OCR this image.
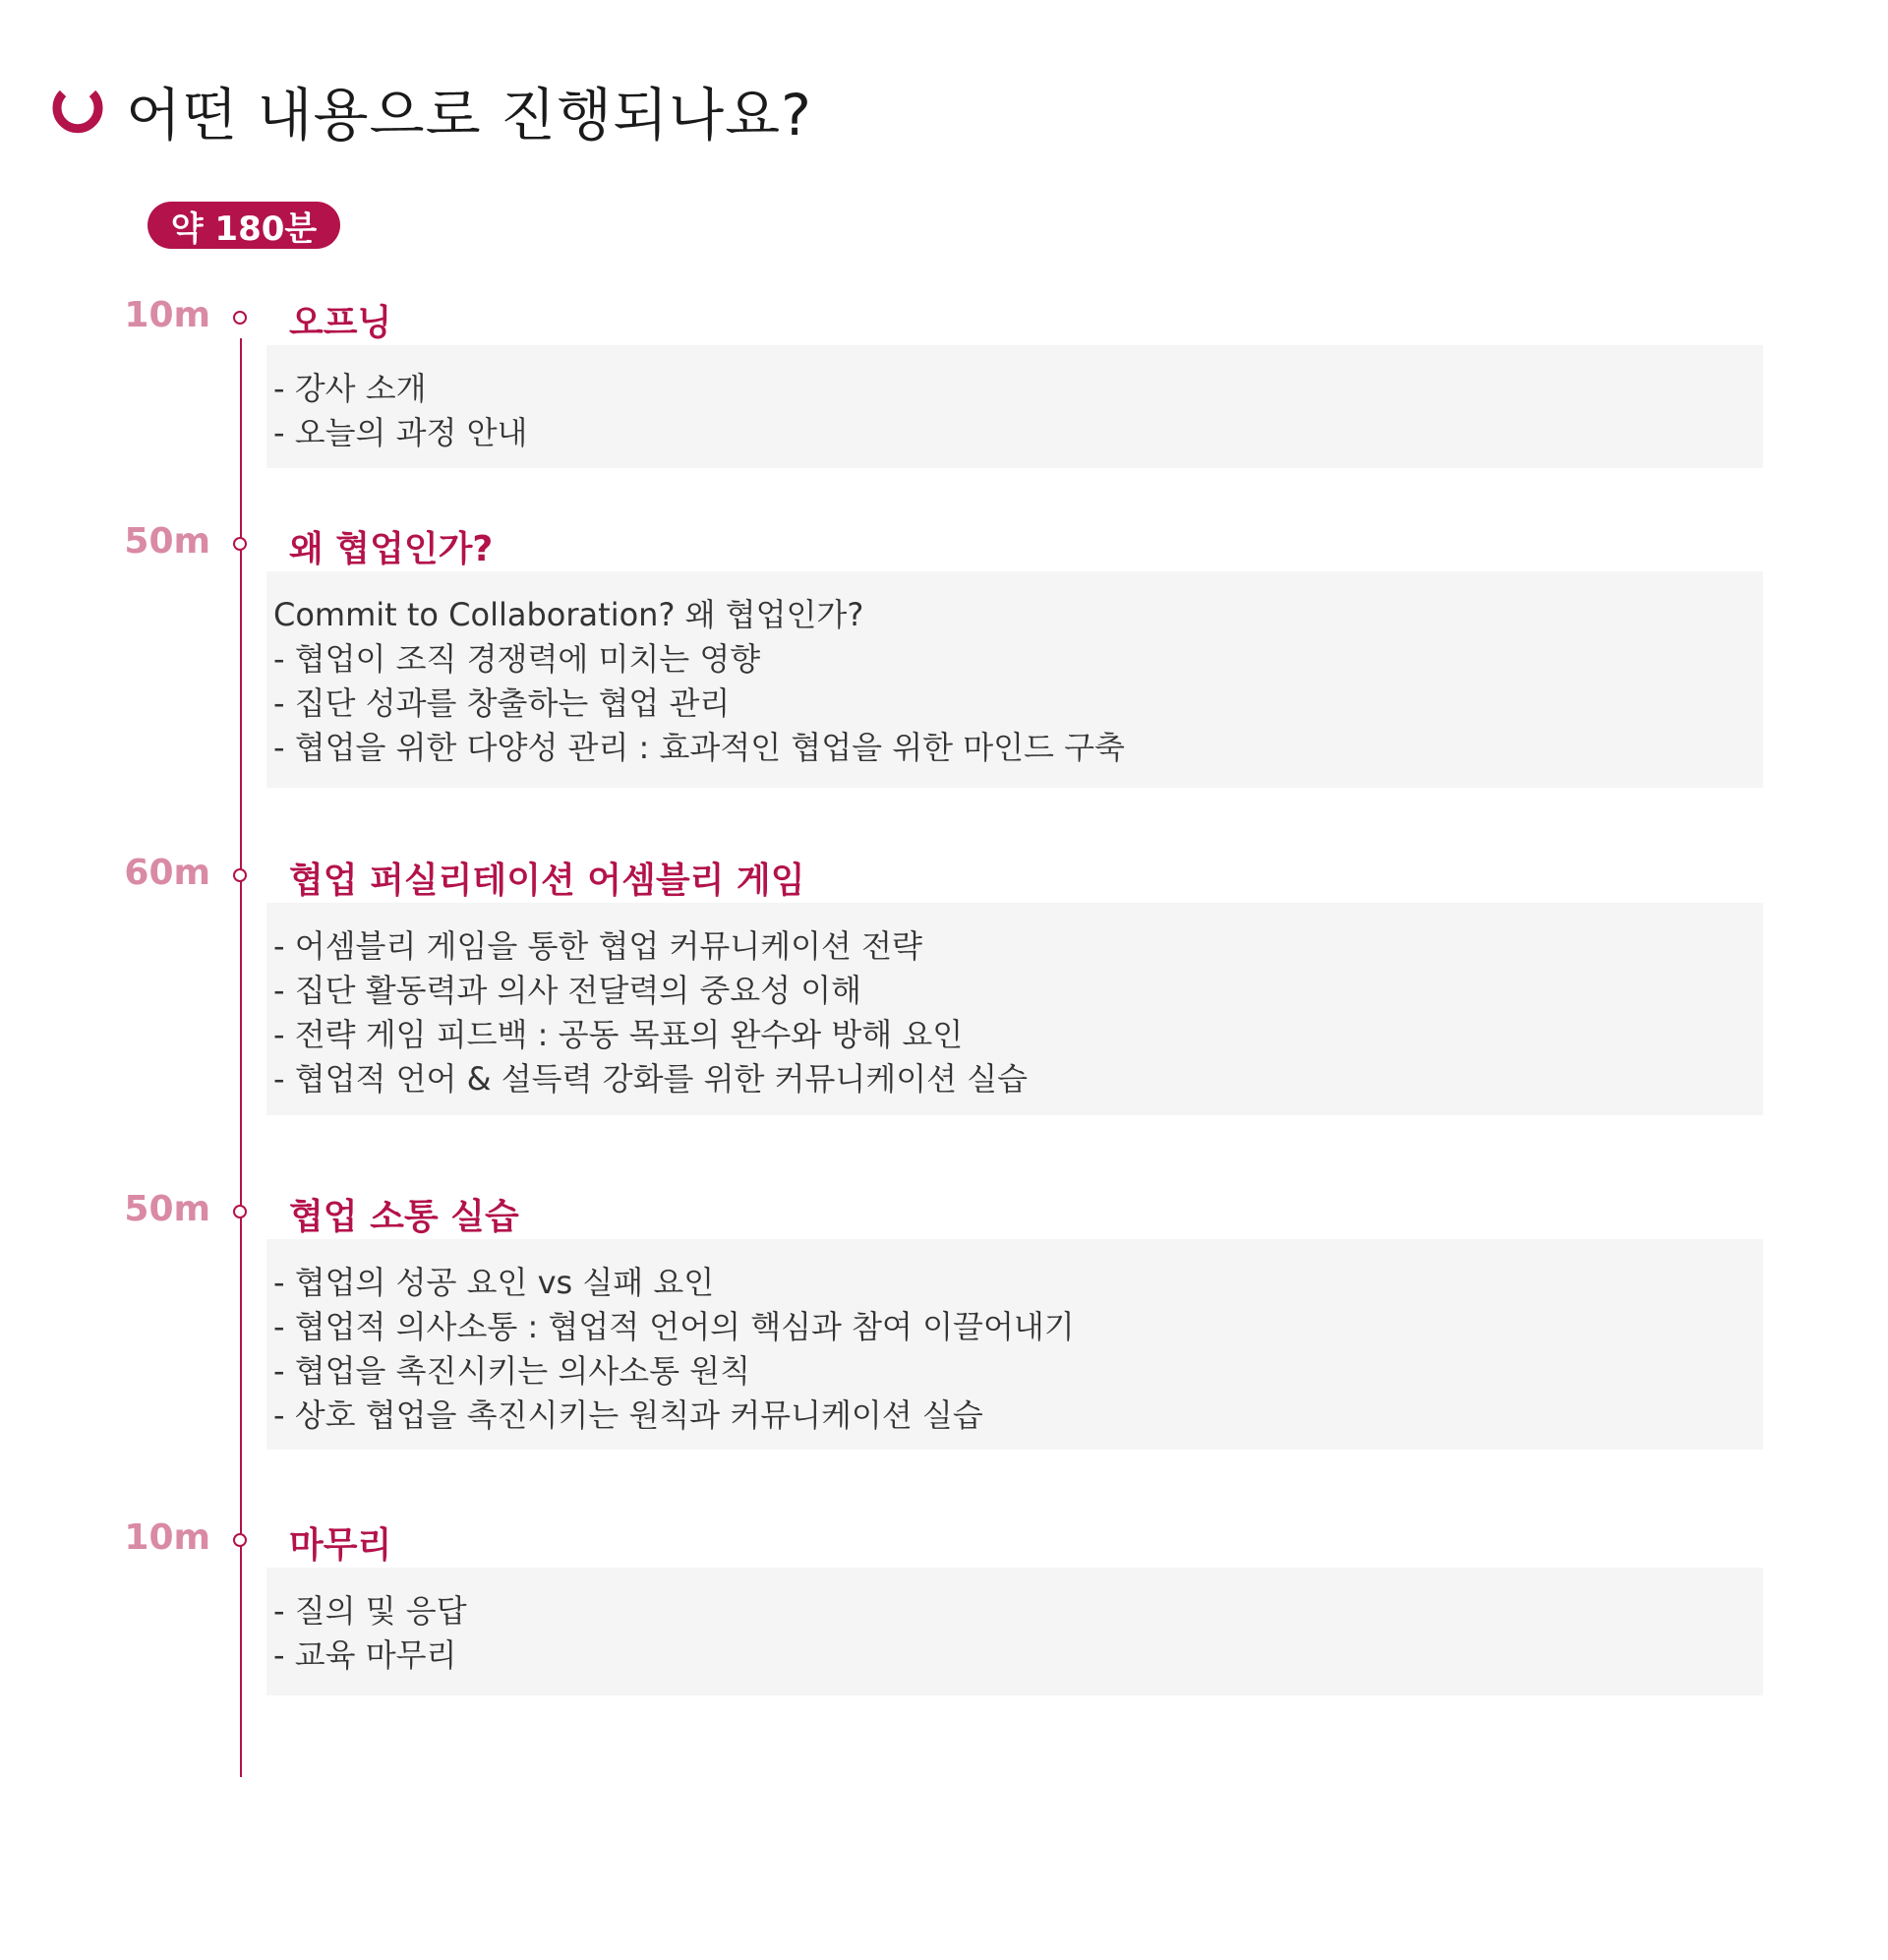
어떤 내용으로 진행되나요?
약 180분
10m 오프닝
- 강사 소개
- 오늘의 과정 안내
50m 왜 협업인가?
Commit to Collaboration? 왜 협업인가?
- 협업이 조직 경쟁력에 미치는 영향
- 집단 성과를 창출하는 협업 관리
- 협업을 위한 다양성 관리 : 효과적인 협업을 위한 마인드 구축
60m 협업 퍼실리테이션 어셈블리 게임
- 어셈블리 게임을 통한 협업 커뮤니케이션 전략
- 집단 활동력과 의사 전달력의 중요성 이해
- 전략 게임 피드백 : 공동 목표의 완수와 방해 요인
- 협업적 언어 & 설득력 강화를 위한 커뮤니케이션 실습
50m 협업 소통 실습
- 협업의 성공 요인 vs 실패 요인
- 협업적 의사소통 : 협업적 언어의 핵심과 참여 이끌어내기
- 협업을 촉진시키는 의사소통 원칙
- 상호 협업을 촉진시키는 원칙과 커뮤니케이션 실습
10m 마무리
- 질의 및 응답
- 교육 마무리
